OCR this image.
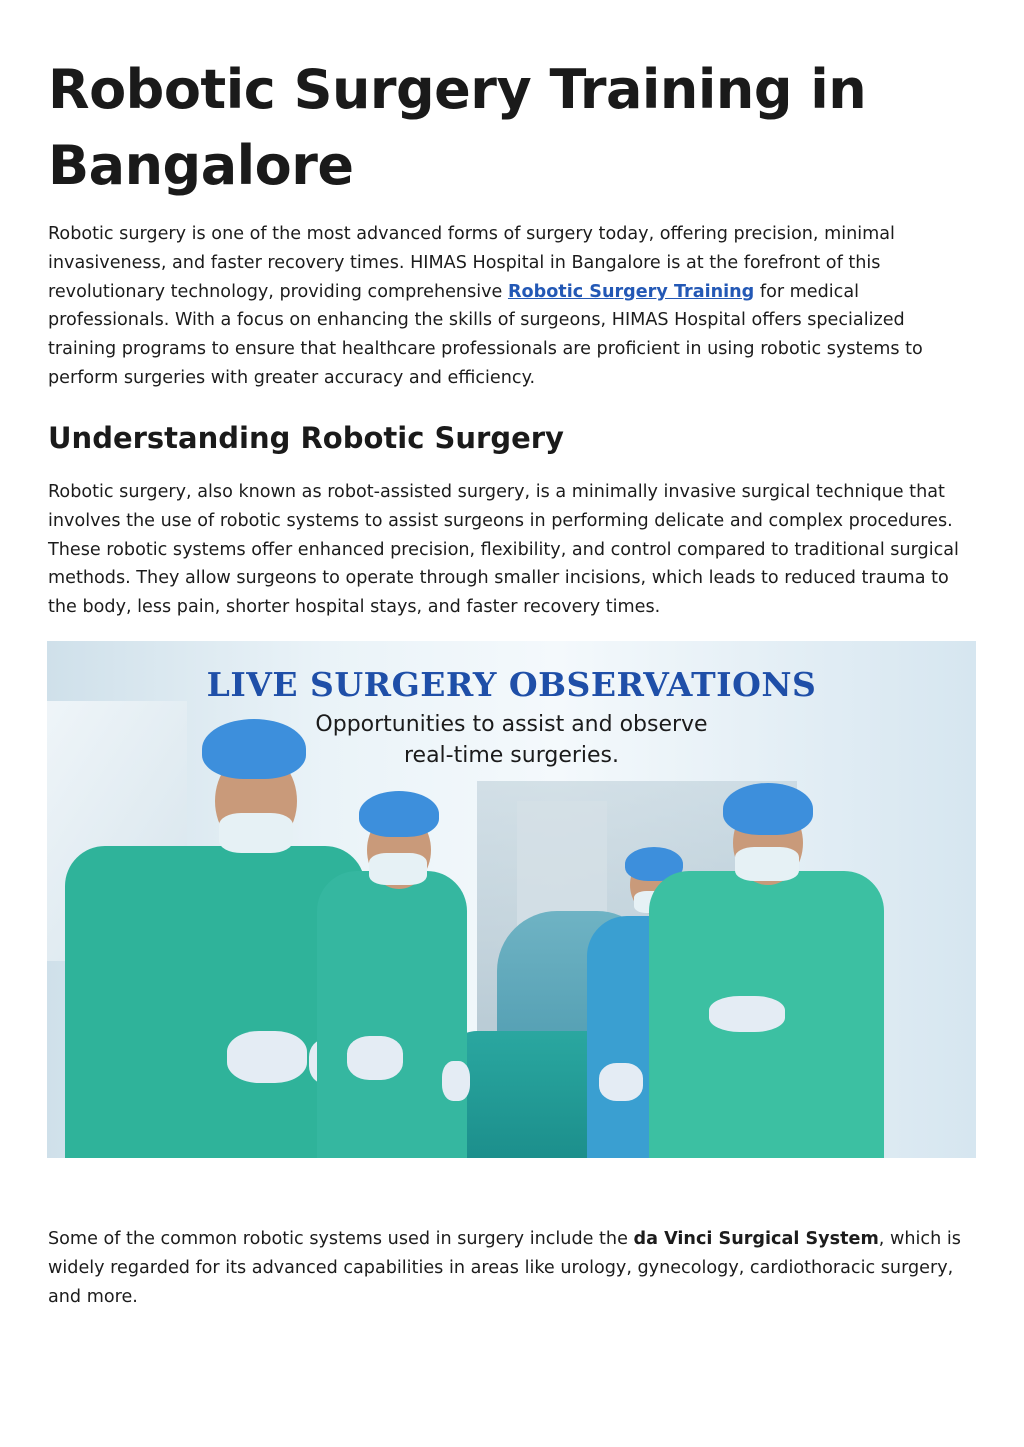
Robotic Surgery Training in Bangalore

Robotic surgery is one of the most advanced forms of surgery today, offering precision, minimal invasiveness, and faster recovery times. HIMAS Hospital in Bangalore is at the forefront of this revolutionary technology, providing comprehensive Robotic Surgery Training for medical professionals. With a focus on enhancing the skills of surgeons, HIMAS Hospital offers specialized training programs to ensure that healthcare professionals are proficient in using robotic systems to perform surgeries with greater accuracy and efficiency.

Understanding Robotic Surgery

Robotic surgery, also known as robot-assisted surgery, is a minimally invasive surgical technique that involves the use of robotic systems to assist surgeons in performing delicate and complex procedures. These robotic systems offer enhanced precision, flexibility, and control compared to traditional surgical methods. They allow surgeons to operate through smaller incisions, which leads to reduced trauma to the body, less pain, shorter hospital stays, and faster recovery times.

Some of the common robotic systems used in surgery include the da Vinci Surgical System, which is widely regarded for its advanced capabilities in areas like urology, gynecology, cardiothoracic surgery, and more.

LIVE SURGERY OBSERVATIONS
Opportunities to assist and observe
real-time surgeries.
